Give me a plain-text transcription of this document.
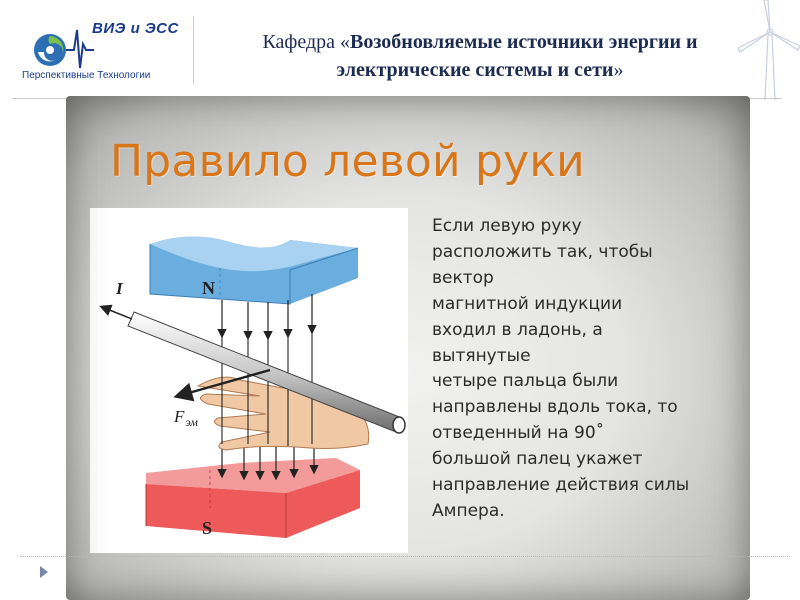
ВИЭ и ЭСС
Перспективные Технологии
Кафедра «Возобновляемые источники энергии и
электрические системы и сети»
Правило левой руки
N
S
I
$F_{эм}$
Если левую руку
расположить так, чтобы
вектор
магнитной индукции
входил в ладонь, а
вытянутые
четыре пальца были
направлены вдоль тока, то
отведенный на 90˚
большой палец укажет
направление действия силы
Ампера.
